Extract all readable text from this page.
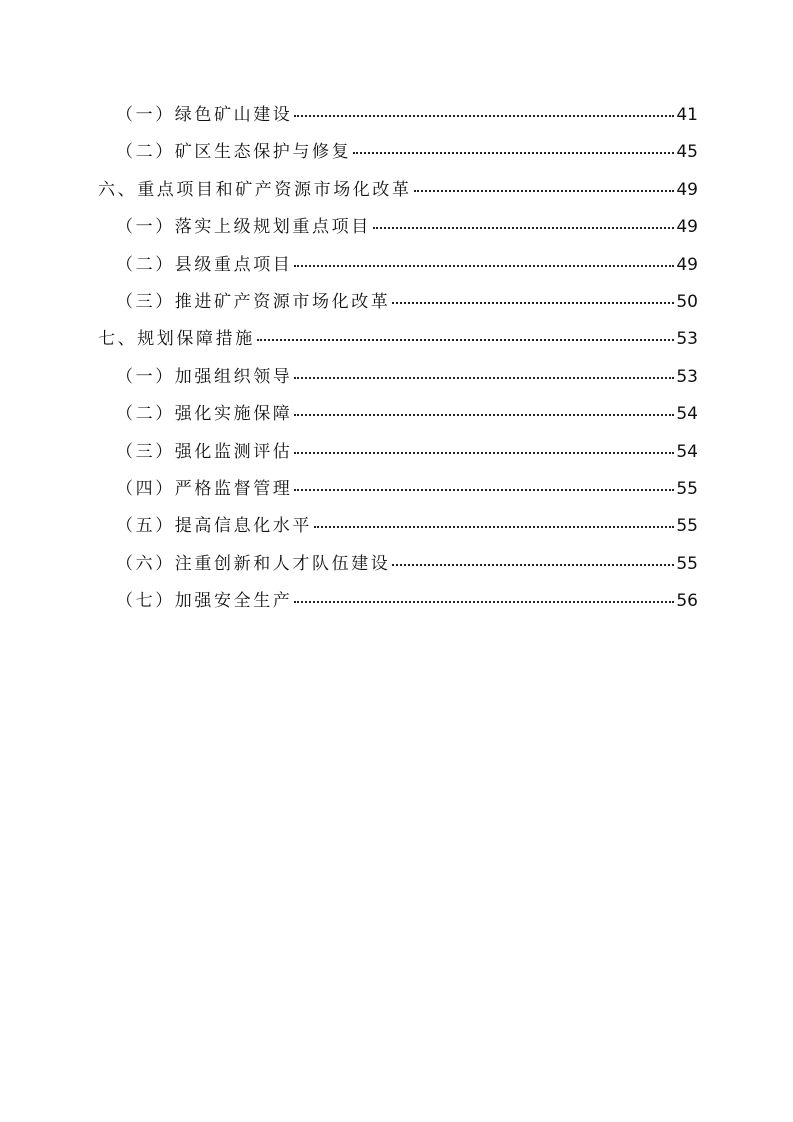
（一）绿色矿山建设	41
（二）矿区生态保护与修复	45
六、重点项目和矿产资源市场化改革	49
（一）落实上级规划重点项目	49
（二）县级重点项目	49
（三）推进矿产资源市场化改革	50
七、规划保障措施	53
（一）加强组织领导	53
（二）强化实施保障	54
（三）强化监测评估	54
（四）严格监督管理	55
（五）提高信息化水平	55
（六）注重创新和人才队伍建设	55
（七）加强安全生产	56
